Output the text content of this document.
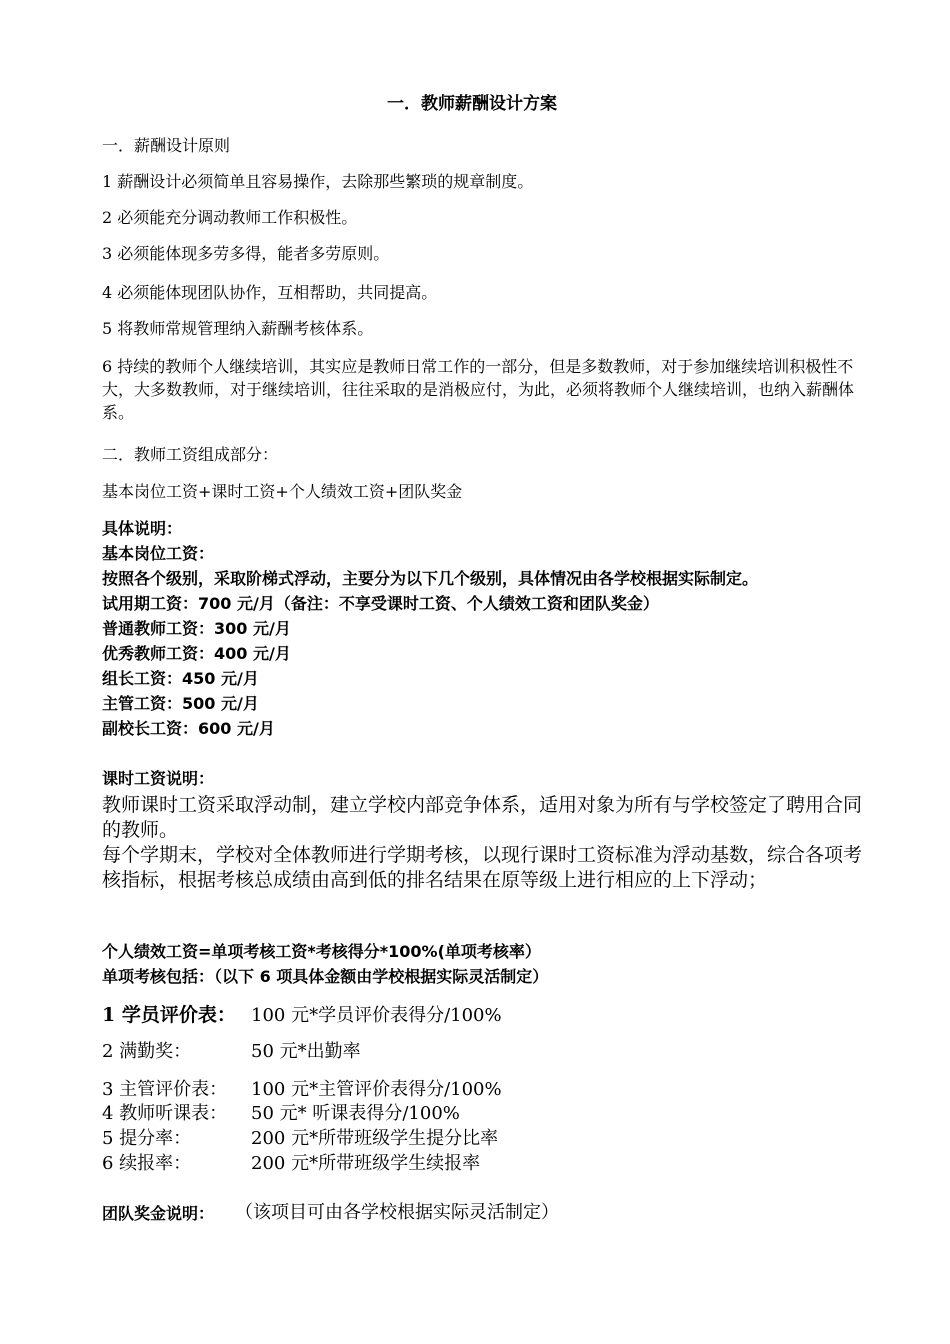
一．教师薪酬设计方案
一．薪酬设计原则
1 薪酬设计必须简单且容易操作，去除那些繁琐的规章制度。
2 必须能充分调动教师工作积极性。
3 必须能体现多劳多得，能者多劳原则。
4 必须能体现团队协作，互相帮助，共同提高。
5 将教师常规管理纳入薪酬考核体系。
6 持续的教师个人继续培训，其实应是教师日常工作的一部分，但是多数教师，对于参加继续培训积极性不大，大多数教师，对于继续培训，往往采取的是消极应付，为此，必须将教师个人继续培训，也纳入薪酬体系。
二．教师工资组成部分：
基本岗位工资+课时工资+个人绩效工资+团队奖金
具体说明：
基本岗位工资：
按照各个级别，采取阶梯式浮动，主要分为以下几个级别，具体情况由各学校根据实际制定。
试用期工资：700 元/月（备注：不享受课时工资、个人绩效工资和团队奖金）
普通教师工资：300 元/月
优秀教师工资：400 元/月
组长工资：450 元/月
主管工资：500 元/月
副校长工资：600 元/月
课时工资说明：
教师课时工资采取浮动制，建立学校内部竞争体系，适用对象为所有与学校签定了聘用合同的教师。
每个学期末，学校对全体教师进行学期考核，以现行课时工资标准为浮动基数，综合各项考核指标，根据考核总成绩由高到低的排名结果在原等级上进行相应的上下浮动；
个人绩效工资=单项考核工资*考核得分*100%(单项考核率）
单项考核包括：（以下 6 项具体金额由学校根据实际灵活制定）
1 学员评价表： 100 元*学员评价表得分/100%
2 满勤奖：	50 元*出勤率
3 主管评价表： 100 元*主管评价表得分/100%
4 教师听课表： 50 元* 听课表得分/100%
5 提分率：	200 元*所带班级学生提分比率
6 续报率：	200 元*所带班级学生续报率
团队奖金说明： （该项目可由各学校根据实际灵活制定）
